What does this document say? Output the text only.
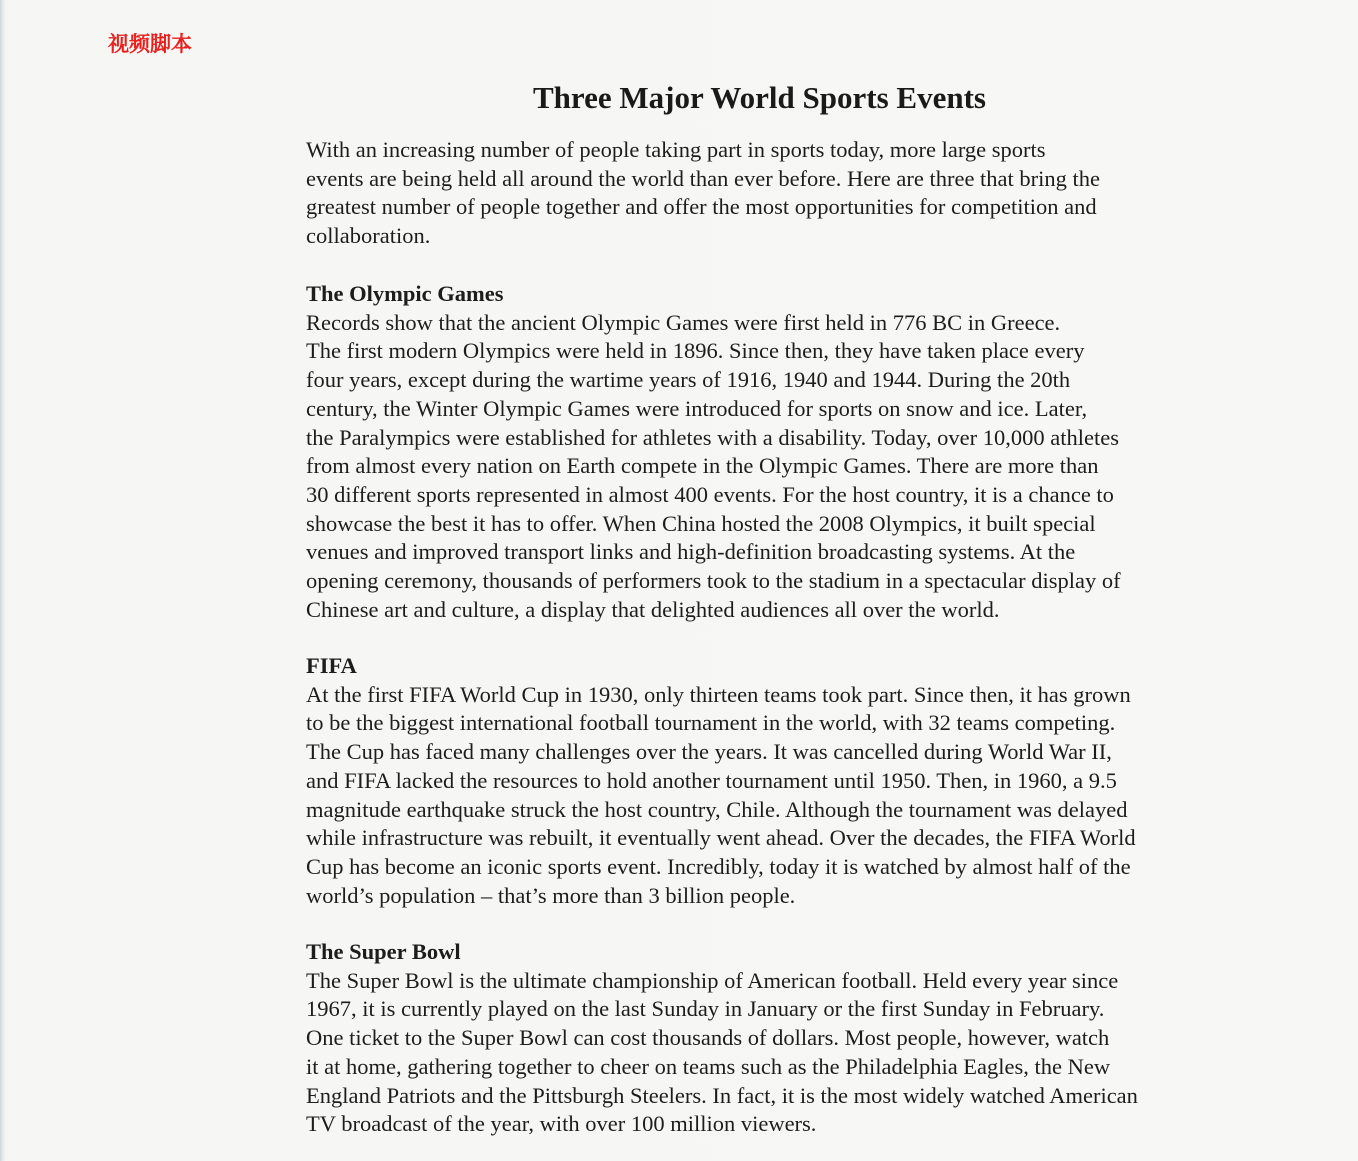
视频脚本
Three Major World Sports Events
With an increasing number of people taking part in sports today, more large sports
events are being held all around the world than ever before. Here are three that bring the
greatest number of people together and offer the most opportunities for competition and
collaboration.
The Olympic Games
Records show that the ancient Olympic Games were first held in 776 BC in Greece.
The first modern Olympics were held in 1896. Since then, they have taken place every
four years, except during the wartime years of 1916, 1940 and 1944. During the 20th
century, the Winter Olympic Games were introduced for sports on snow and ice. Later,
the Paralympics were established for athletes with a disability. Today, over 10,000 athletes
from almost every nation on Earth compete in the Olympic Games. There are more than
30 different sports represented in almost 400 events. For the host country, it is a chance to
showcase the best it has to offer. When China hosted the 2008 Olympics, it built special
venues and improved transport links and high-definition broadcasting systems. At the
opening ceremony, thousands of performers took to the stadium in a spectacular display of
Chinese art and culture, a display that delighted audiences all over the world.
FIFA
At the first FIFA World Cup in 1930, only thirteen teams took part. Since then, it has grown
to be the biggest international football tournament in the world, with 32 teams competing.
The Cup has faced many challenges over the years. It was cancelled during World War II,
and FIFA lacked the resources to hold another tournament until 1950. Then, in 1960, a 9.5
magnitude earthquake struck the host country, Chile. Although the tournament was delayed
while infrastructure was rebuilt, it eventually went ahead. Over the decades, the FIFA World
Cup has become an iconic sports event. Incredibly, today it is watched by almost half of the
world’s population – that’s more than 3 billion people.
The Super Bowl
The Super Bowl is the ultimate championship of American football. Held every year since
1967, it is currently played on the last Sunday in January or the first Sunday in February.
One ticket to the Super Bowl can cost thousands of dollars. Most people, however, watch
it at home, gathering together to cheer on teams such as the Philadelphia Eagles, the New
England Patriots and the Pittsburgh Steelers. In fact, it is the most widely watched American
TV broadcast of the year, with over 100 million viewers.
